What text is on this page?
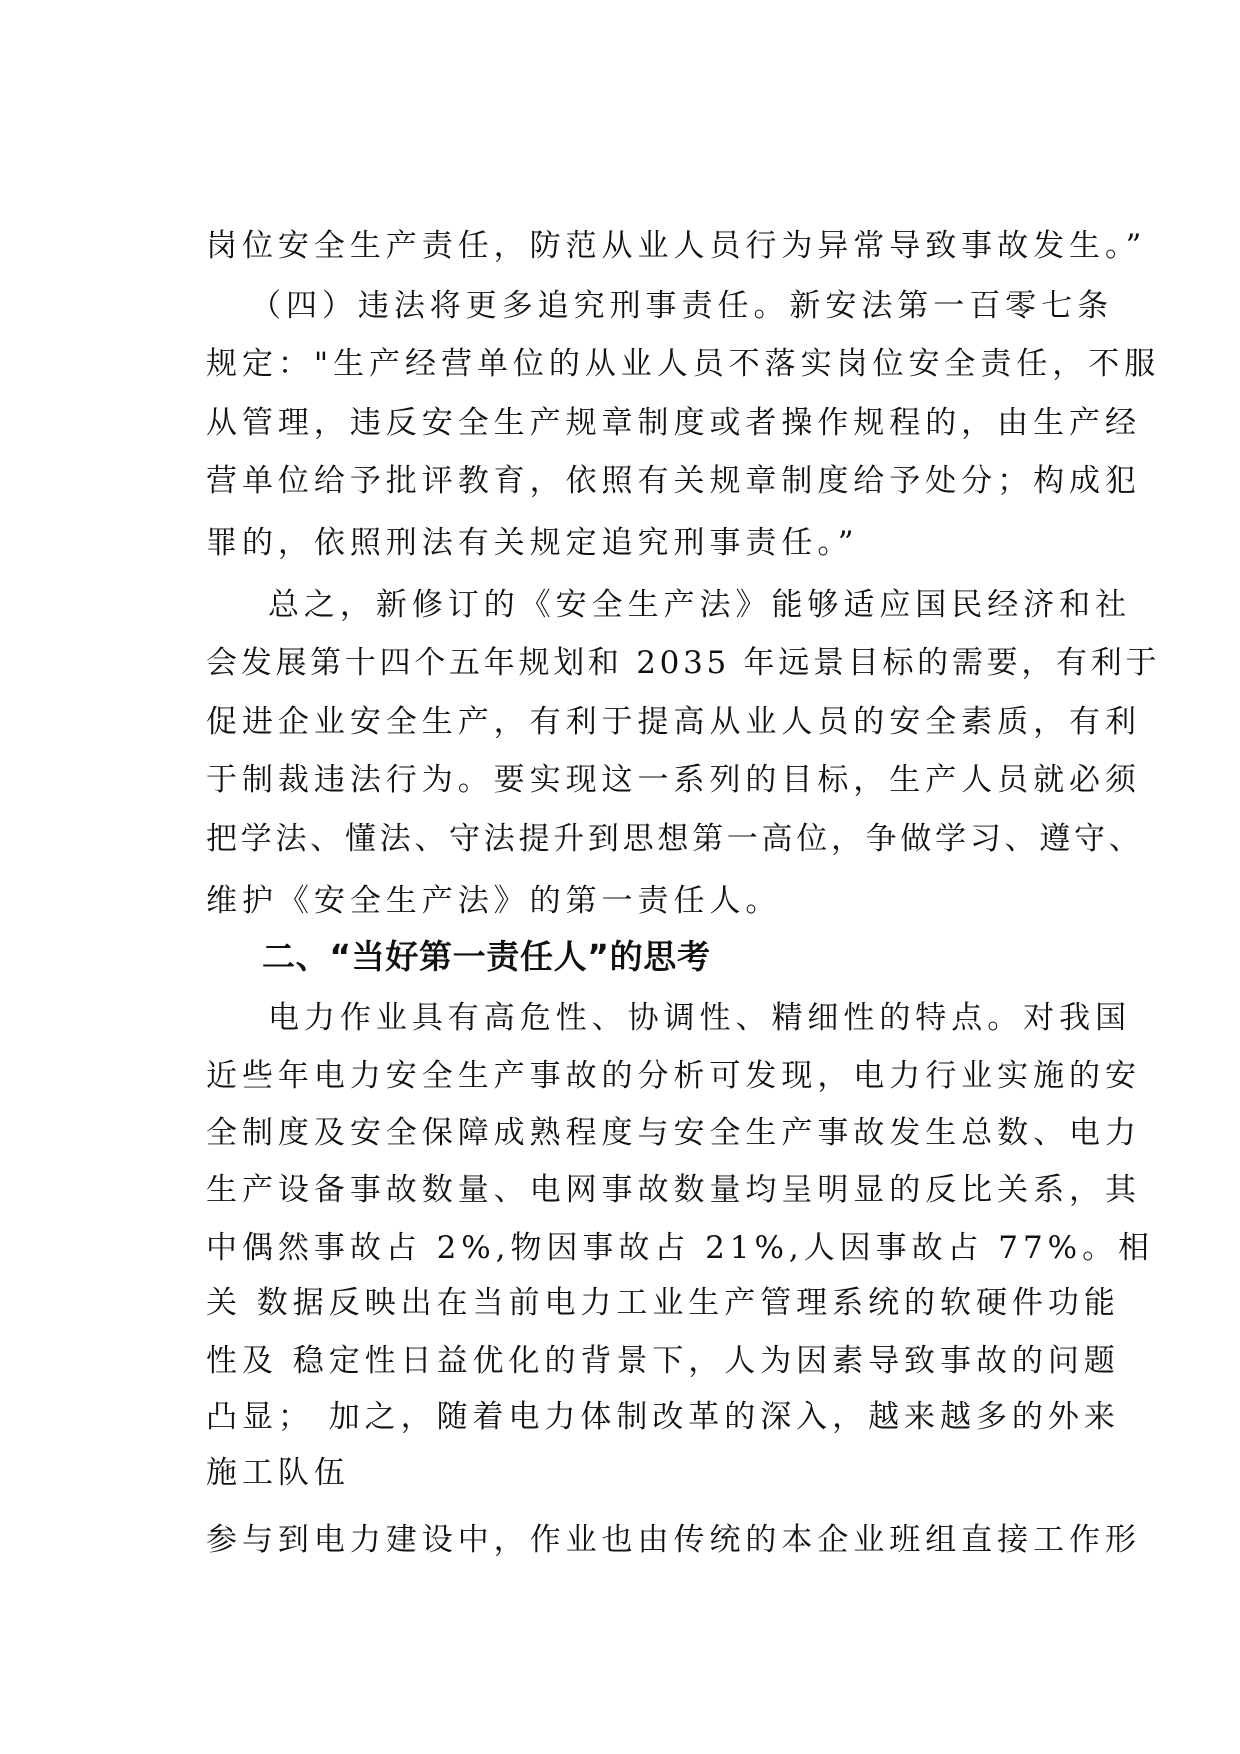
岗位安全生产责任，防范从业人员行为异常导致事故发生。”
（四）违法将更多追究刑事责任。新安法第一百零七条
规定："生产经营单位的从业人员不落实岗位安全责任，不服
从管理，违反安全生产规章制度或者操作规程的，由生产经
营单位给予批评教育，依照有关规章制度给予处分；构成犯
罪的，依照刑法有关规定追究刑事责任。”
总之，新修订的《安全生产法》能够适应国民经济和社
会发展第十四个五年规划和 2035 年远景目标的需要，有利于
促进企业安全生产，有利于提高从业人员的安全素质，有利
于制裁违法行为。要实现这一系列的目标，生产人员就必须
把学法、懂法、守法提升到思想第一高位，争做学习、遵守、
维护《安全生产法》的第一责任人。
二、“当好第一责任人”的思考
电力作业具有高危性、协调性、精细性的特点。对我国
近些年电力安全生产事故的分析可发现，电力行业实施的安
全制度及安全保障成熟程度与安全生产事故发生总数、电力
生产设备事故数量、电网事故数量均呈明显的反比关系，其
中偶然事故占 2%,物因事故占 21%,人因事故占 77%。相
关 数据反映出在当前电力工业生产管理系统的软硬件功能
性及 稳定性日益优化的背景下，人为因素导致事故的问题
凸显； 加之，随着电力体制改革的深入，越来越多的外来
施工队伍
参与到电力建设中，作业也由传统的本企业班组直接工作形
